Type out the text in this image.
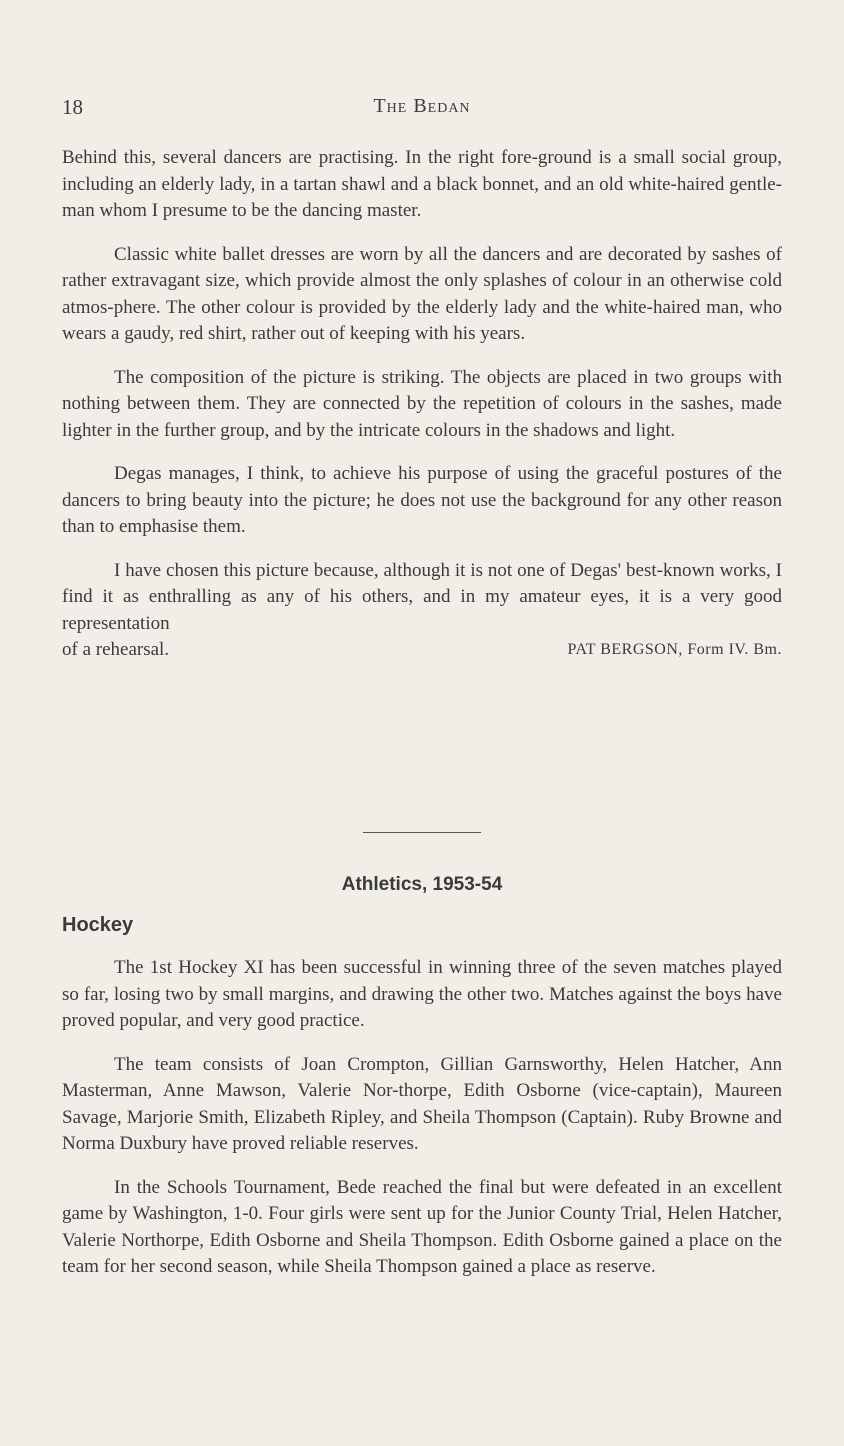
18	The Bedan

Behind this, several dancers are practising. In the right fore-ground is a small social group, including an elderly lady, in a tartan shawl and a black bonnet, and an old white-haired gentle-man whom I presume to be the dancing master.

Classic white ballet dresses are worn by all the dancers and are decorated by sashes of rather extravagant size, which provide almost the only splashes of colour in an otherwise cold atmos-phere. The other colour is provided by the elderly lady and the white-haired man, who wears a gaudy, red shirt, rather out of keeping with his years.

The composition of the picture is striking. The objects are placed in two groups with nothing between them. They are connected by the repetition of colours in the sashes, made lighter in the further group, and by the intricate colours in the shadows and light.

Degas manages, I think, to achieve his purpose of using the graceful postures of the dancers to bring beauty into the picture; he does not use the background for any other reason than to emphasise them.

I have chosen this picture because, although it is not one of Degas' best-known works, I find it as enthralling as any of his others, and in my amateur eyes, it is a very good representation

of a rehearsal.	PAT BERGSON, Form IV. Bm.
Athletics, 1953-54
Hockey

The 1st Hockey XI has been successful in winning three of the seven matches played so far, losing two by small margins, and drawing the other two. Matches against the boys have proved popular, and very good practice.

The team consists of Joan Crompton, Gillian Garnsworthy, Helen Hatcher, Ann Masterman, Anne Mawson, Valerie Nor-thorpe, Edith Osborne (vice-captain), Maureen Savage, Marjorie Smith, Elizabeth Ripley, and Sheila Thompson (Captain). Ruby Browne and Norma Duxbury have proved reliable reserves.

In the Schools Tournament, Bede reached the final but were defeated in an excellent game by Washington, 1-0. Four girls were sent up for the Junior County Trial, Helen Hatcher, Valerie Northorpe, Edith Osborne and Sheila Thompson. Edith Osborne gained a place on the team for her second season, while Sheila Thompson gained a place as reserve.
